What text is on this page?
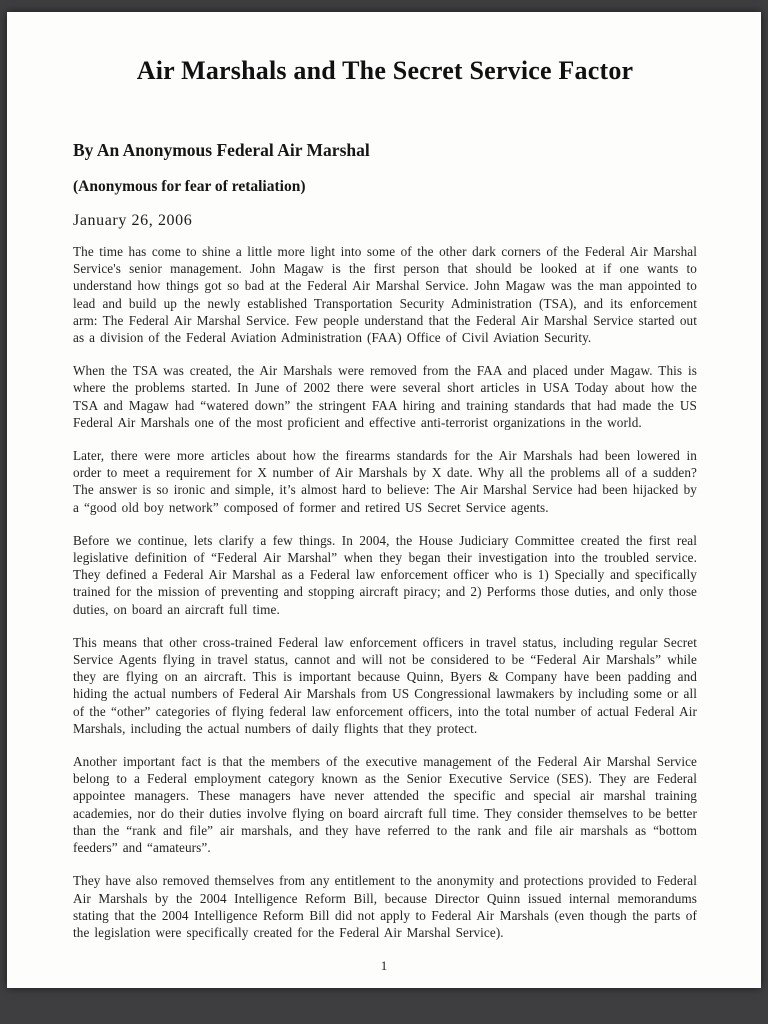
Air Marshals and The Secret Service Factor
By An Anonymous Federal Air Marshal
(Anonymous for fear of retaliation)
January 26, 2006

The time has come to shine a little more light into some of the other dark corners of the Federal Air Marshal Service's senior management. John Magaw is the first person that should be looked at if one wants to understand how things got so bad at the Federal Air Marshal Service. John Magaw was the man appointed to lead and build up the newly established Transportation Security Administration (TSA), and its enforcement arm: The Federal Air Marshal Service. Few people understand that the Federal Air Marshal Service started out as a division of the Federal Aviation Administration (FAA) Office of Civil Aviation Security.

When the TSA was created, the Air Marshals were removed from the FAA and placed under Magaw. This is where the problems started. In June of 2002 there were several short articles in USA Today about how the TSA and Magaw had “watered down” the stringent FAA hiring and training standards that had made the US Federal Air Marshals one of the most proficient and effective anti-terrorist organizations in the world.

Later, there were more articles about how the firearms standards for the Air Marshals had been lowered in order to meet a requirement for X number of Air Marshals by X date. Why all the problems all of a sudden? The answer is so ironic and simple, it’s almost hard to believe: The Air Marshal Service had been hijacked by a “good old boy network” composed of former and retired US Secret Service agents.

Before we continue, lets clarify a few things. In 2004, the House Judiciary Committee created the first real legislative definition of “Federal Air Marshal” when they began their investigation into the troubled service. They defined a Federal Air Marshal as a Federal law enforcement officer who is 1) Specially and specifically trained for the mission of preventing and stopping aircraft piracy; and 2) Performs those duties, and only those duties, on board an aircraft full time.

This means that other cross-trained Federal law enforcement officers in travel status, including regular Secret Service Agents flying in travel status, cannot and will not be considered to be “Federal Air Marshals” while they are flying on an aircraft. This is important because Quinn, Byers & Company have been padding and hiding the actual numbers of Federal Air Marshals from US Congressional lawmakers by including some or all of the “other” categories of flying federal law enforcement officers, into the total number of actual Federal Air Marshals, including the actual numbers of daily flights that they protect.

Another important fact is that the members of the executive management of the Federal Air Marshal Service belong to a Federal employment category known as the Senior Executive Service (SES). They are Federal appointee managers. These managers have never attended the specific and special air marshal training academies, nor do their duties involve flying on board aircraft full time. They consider themselves to be better than the “rank and file” air marshals, and they have referred to the rank and file air marshals as “bottom feeders” and “amateurs”.

They have also removed themselves from any entitlement to the anonymity and protections provided to Federal Air Marshals by the 2004 Intelligence Reform Bill, because Director Quinn issued internal memorandums stating that the 2004 Intelligence Reform Bill did not apply to Federal Air Marshals (even though the parts of the legislation were specifically created for the Federal Air Marshal Service).

1
